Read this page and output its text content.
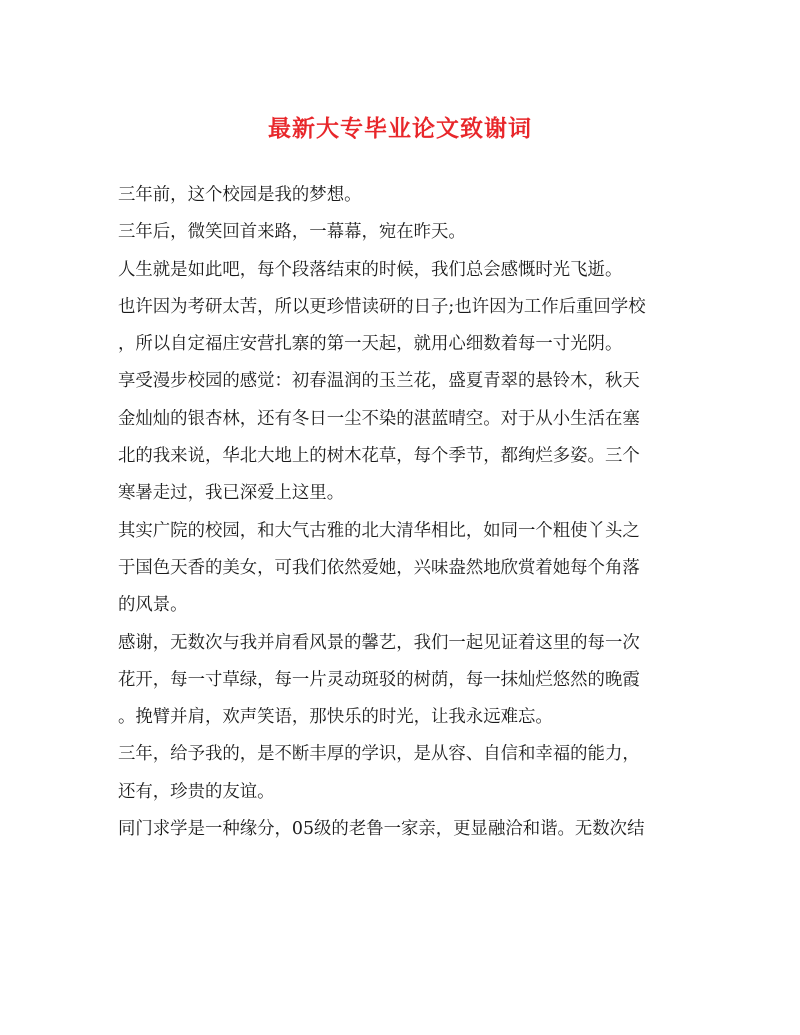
最新大专毕业论文致谢词
三年前，这个校园是我的梦想。
三年后，微笑回首来路，一幕幕，宛在昨天。
人生就是如此吧，每个段落结束的时候，我们总会感慨时光飞逝。
也许因为考研太苦，所以更珍惜读研的日子;也许因为工作后重回学校
，所以自定福庄安营扎寨的第一天起，就用心细数着每一寸光阴。
享受漫步校园的感觉：初春温润的玉兰花，盛夏青翠的悬铃木，秋天
金灿灿的银杏林，还有冬日一尘不染的湛蓝晴空。对于从小生活在塞
北的我来说，华北大地上的树木花草，每个季节，都绚烂多姿。三个
寒暑走过，我已深爱上这里。
其实广院的校园，和大气古雅的北大清华相比，如同一个粗使丫头之
于国色天香的美女，可我们依然爱她，兴味盎然地欣赏着她每个角落
的风景。
感谢，无数次与我并肩看风景的馨艺，我们一起见证着这里的每一次
花开，每一寸草绿，每一片灵动斑驳的树荫，每一抹灿烂悠然的晚霞
。挽臂并肩，欢声笑语，那快乐的时光，让我永远难忘。
三年，给予我的，是不断丰厚的学识，是从容、自信和幸福的能力，
还有，珍贵的友谊。
同门求学是一种缘分，05级的老鲁一家亲，更显融洽和谐。无数次结
